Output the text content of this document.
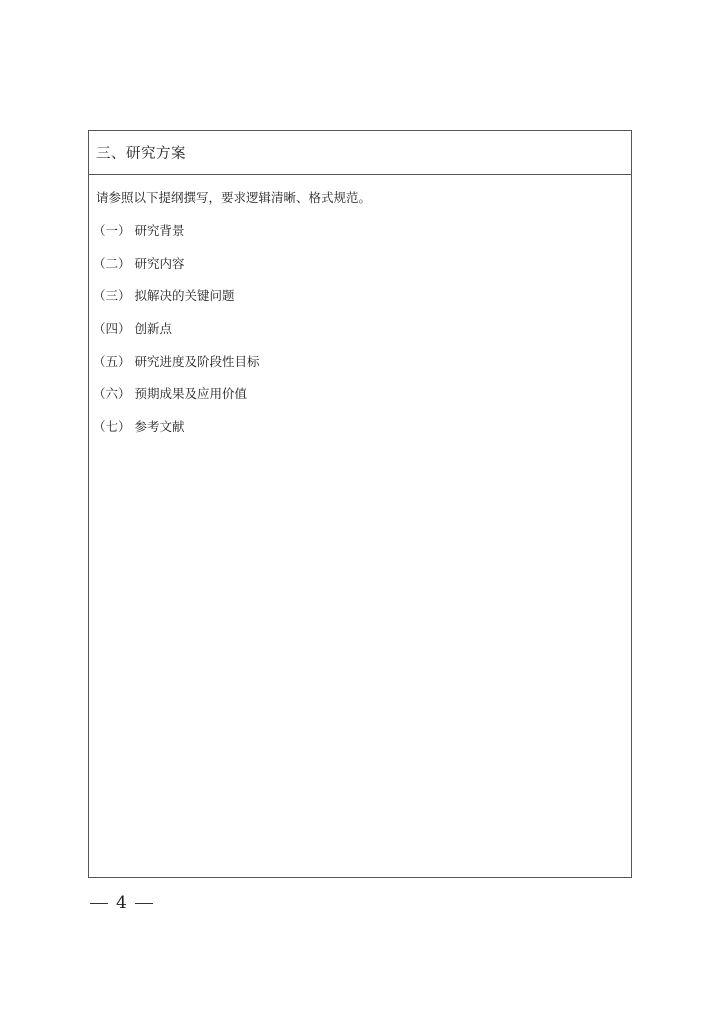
三、研究方案

请参照以下提纲撰写，要求逻辑清晰、格式规范。

（一） 研究背景
（二） 研究内容
（三） 拟解决的关键问题
（四） 创新点
（五） 研究进度及阶段性目标
（六） 预期成果及应用价值
（七） 参考文献
4
